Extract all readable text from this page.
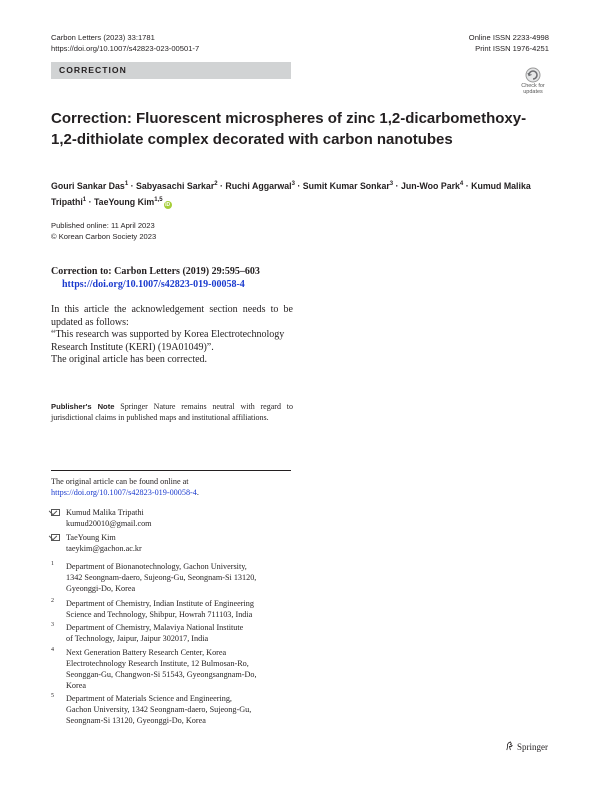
Carbon Letters (2023) 33:1781
https://doi.org/10.1007/s42823-023-00501-7
Online ISSN 2233-4998
Print ISSN 1976-4251
CORRECTION
Check for updates
Correction: Fluorescent microspheres of zinc 1,2-dicarbomethoxy-1,2-dithiolate complex decorated with carbon nanotubes
Gouri Sankar Das$^1$ · Sabyasachi Sarkar$^2$ · Ruchi Aggarwal$^3$ · Sumit Kumar Sonkar$^3$ · Jun-Woo Park$^4$ · Kumud Malika Tripathi$^1$ · TaeYoung Kim$^{1,5}$iD
Published online: 11 April 2023
© Korean Carbon Society 2023
Correction to: Carbon Letters (2019) 29:595–603
https://doi.org/10.1007/s42823-019-00058-4
In this article the acknowledgement section needs to be updated as follows:
“This research was supported by Korea Electrotechnology Research Institute (KERI) (19A01049)”.
The original article has been corrected.
Publisher's Note Springer Nature remains neutral with regard to jurisdictional claims in published maps and institutional affiliations.
The original article can be found online at https://doi.org/10.1007/s42823-019-00058-4.
Kumud Malika Tripathi
kumud20010@gmail.com
TaeYoung Kim
taeykim@gachon.ac.kr
1 Department of Bionanotechnology, Gachon University,
1342 Seongnam-daero, Sujeong-Gu, Seongnam-Si 13120,
Gyeonggi-Do, Korea
2 Department of Chemistry, Indian Institute of Engineering
Science and Technology, Shibpur, Howrah 711103, India
3 Department of Chemistry, Malaviya National Institute
of Technology, Jaipur, Jaipur 302017, India
4 Next Generation Battery Research Center, Korea
Electrotechnology Research Institute, 12 Bulmosan-Ro,
Seonggan-Gu, Changwon-Si 51543, Gyeongsangnam-Do,
Korea
5 Department of Materials Science and Engineering,
Gachon University, 1342 Seongnam-daero, Sujeong-Gu,
Seongnam-Si 13120, Gyeonggi-Do, Korea
Springer
